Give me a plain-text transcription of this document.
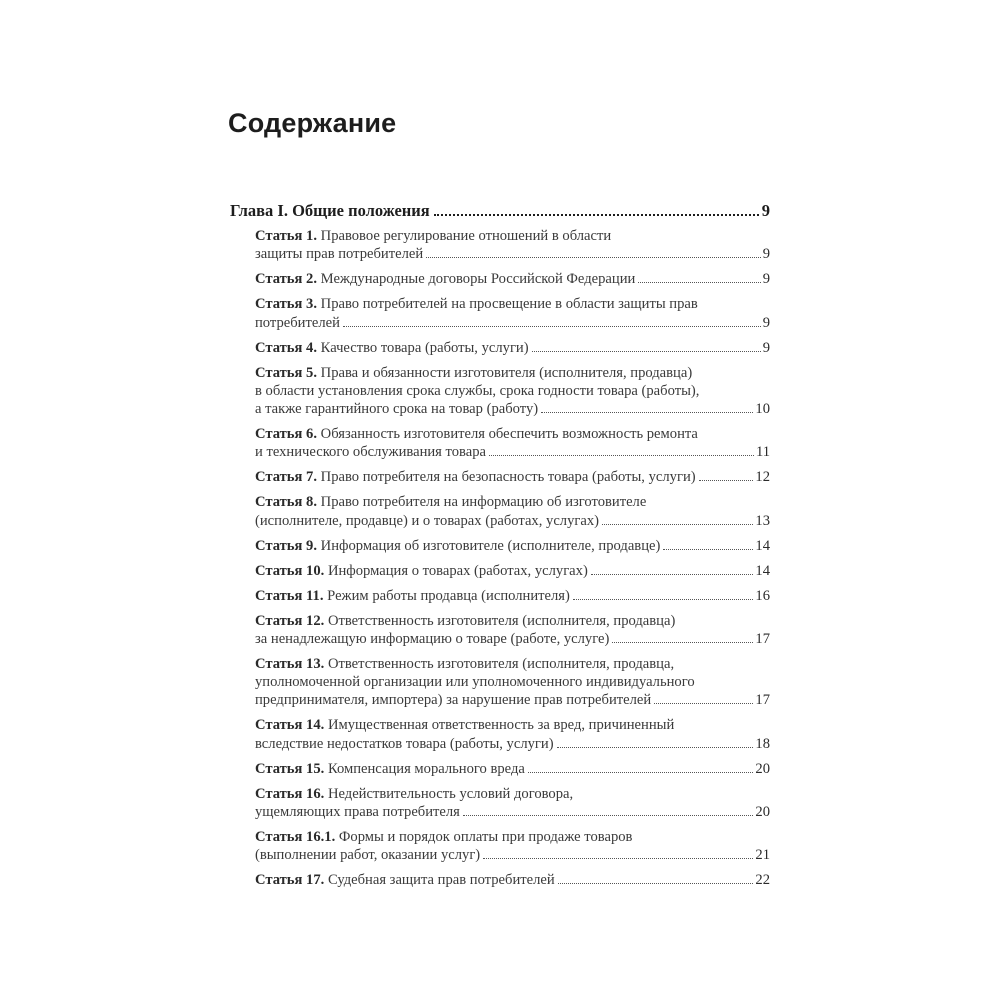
Содержание
Глава I. Общие положения	9
Статья 1. Правовое регулирование отношений в области
защиты прав потребителей	9
Статья 2. Международные договоры Российской Федерации	9
Статья 3. Право потребителей на просвещение в области защиты прав
потребителей	9
Статья 4. Качество товара (работы, услуги)	9
Статья 5. Права и обязанности изготовителя (исполнителя, продавца)
в области установления срока службы, срока годности товара (работы),
а также гарантийного срока на товар (работу)	10
Статья 6. Обязанность изготовителя обеспечить возможность ремонта
и технического обслуживания товара	11
Статья 7. Право потребителя на безопасность товара (работы, услуги)	12
Статья 8. Право потребителя на информацию об изготовителе
(исполнителе, продавце) и о товарах (работах, услугах)	13
Статья 9. Информация об изготовителе (исполнителе, продавце)	14
Статья 10. Информация о товарах (работах, услугах)	14
Статья 11. Режим работы продавца (исполнителя)	16
Статья 12. Ответственность изготовителя (исполнителя, продавца)
за ненадлежащую информацию о товаре (работе, услуге)	17
Статья 13. Ответственность изготовителя (исполнителя, продавца,
уполномоченной организации или уполномоченного индивидуального
предпринимателя, импортера) за нарушение прав потребителей	17
Статья 14. Имущественная ответственность за вред, причиненный
вследствие недостатков товара (работы, услуги)	18
Статья 15. Компенсация морального вреда	20
Статья 16. Недействительность условий договора,
ущемляющих права потребителя	20
Статья 16.1. Формы и порядок оплаты при продаже товаров
(выполнении работ, оказании услуг)	21
Статья 17. Судебная защита прав потребителей	22
